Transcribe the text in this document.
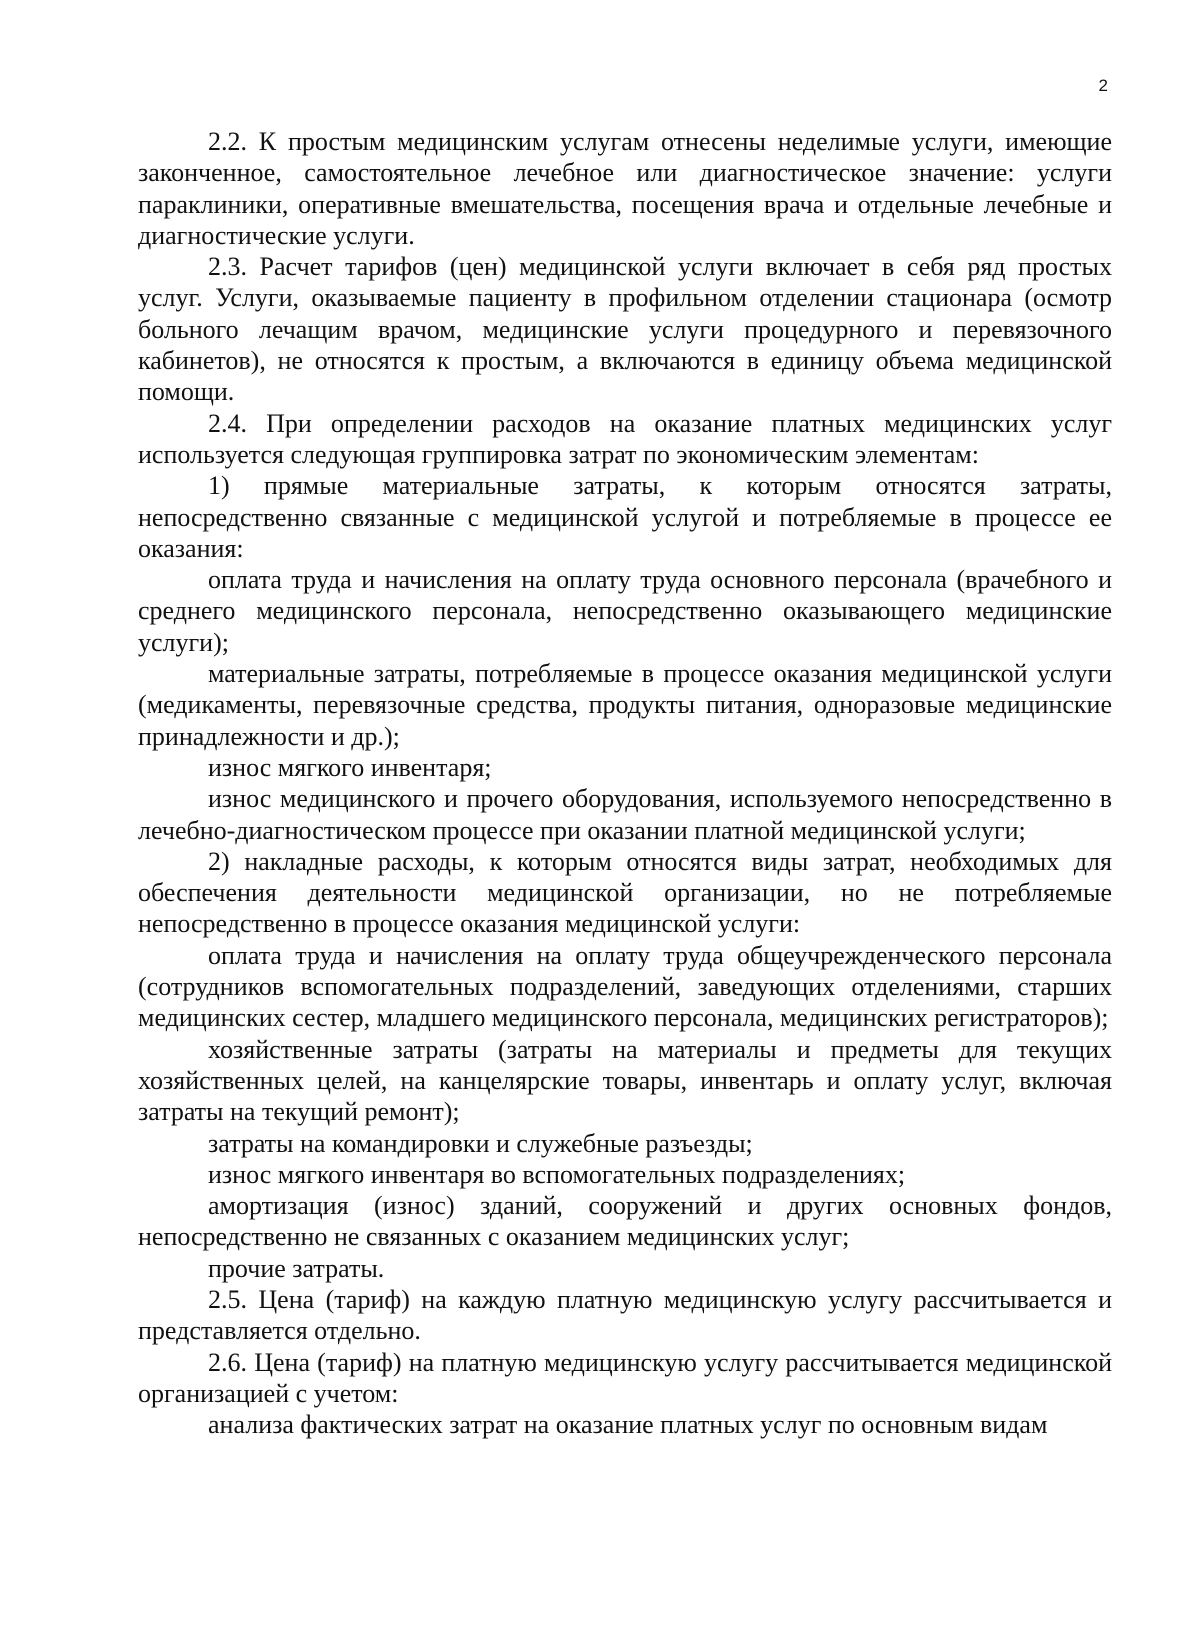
2

2.2. К простым медицинским услугам отнесены неделимые услуги, имеющие законченное, самостоятельное лечебное или диагностическое значение: услуги параклиники, оперативные вмешательства, посещения врача и отдельные лечебные и диагностические услуги.

2.3. Расчет тарифов (цен) медицинской услуги включает в себя ряд простых услуг. Услуги, оказываемые пациенту в профильном отделении стационара (осмотр больного лечащим врачом, медицинские услуги процедурного и перевязочного кабинетов), не относятся к простым, а включаются в единицу объема медицинской помощи.

2.4. При определении расходов на оказание платных медицинских услуг используется следующая группировка затрат по экономическим элементам:

1) прямые материальные затраты, к которым относятся затраты, непосредственно связанные с медицинской услугой и потребляемые в процессе ее оказания:

оплата труда и начисления на оплату труда основного персонала (врачебного и среднего медицинского персонала, непосредственно оказывающего медицинские услуги);

материальные затраты, потребляемые в процессе оказания медицинской услуги (медикаменты, перевязочные средства, продукты питания, одноразовые медицинские принадлежности и др.);

износ мягкого инвентаря;

износ медицинского и прочего оборудования, используемого непосредственно в лечебно-диагностическом процессе при оказании платной медицинской услуги;

2) накладные расходы, к которым относятся виды затрат, необходимых для обеспечения деятельности медицинской организации, но не потребляемые непосредственно в процессе оказания медицинской услуги:

оплата труда и начисления на оплату труда общеучрежденческого персонала (сотрудников вспомогательных подразделений, заведующих отделениями, старших медицинских сестер, младшего медицинского персонала, медицинских регистраторов);

хозяйственные затраты (затраты на материалы и предметы для текущих хозяйственных целей, на канцелярские товары, инвентарь и оплату услуг, включая затраты на текущий ремонт);

затраты на командировки и служебные разъезды;

износ мягкого инвентаря во вспомогательных подразделениях;

амортизация (износ) зданий, сооружений и других основных фондов, непосредственно не связанных с оказанием медицинских услуг;

прочие затраты.

2.5. Цена (тариф) на каждую платную медицинскую услугу рассчитывается и представляется отдельно.

2.6. Цена (тариф) на платную медицинскую услугу рассчитывается медицинской организацией с учетом:

анализа фактических затрат на оказание платных услуг по основным видам
